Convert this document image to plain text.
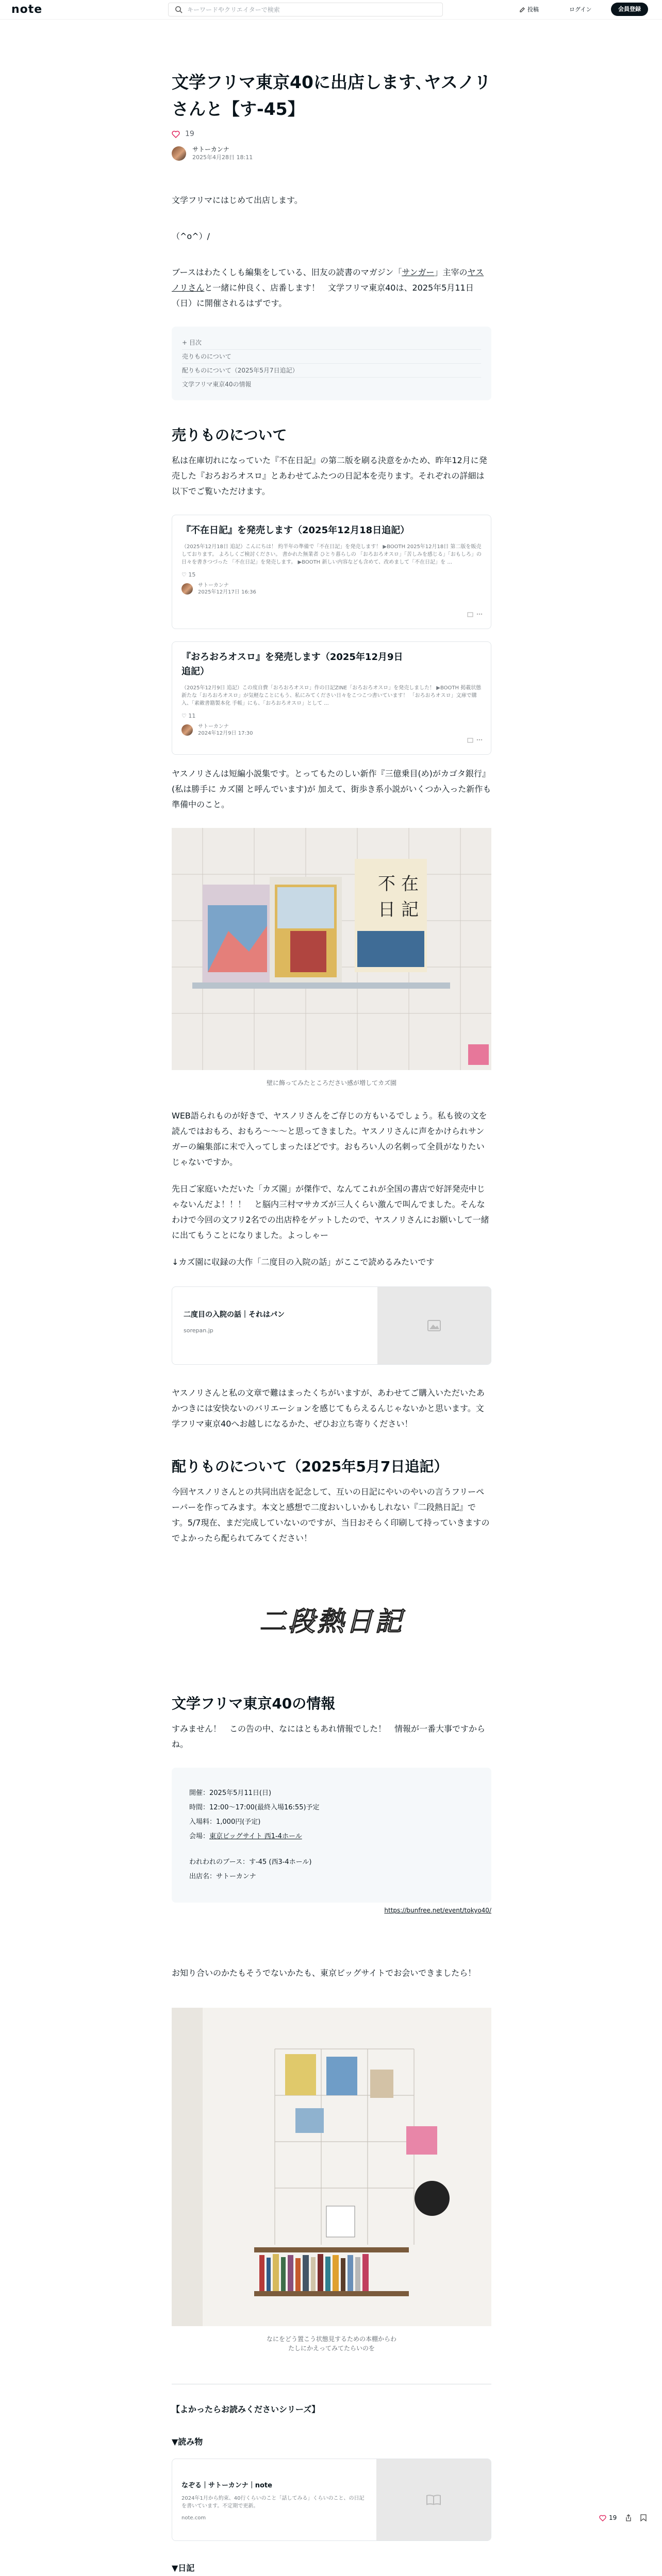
note
キーワードやクリエイターで検索	投稿	ログイン	会員登録
文学フリマ東京40に出店します､ヤスノリさんと【す-45】
19
サトーカンナ
2025年4月28日 18:11

文学フリマにはじめて出店します。

（^o^）/

ブースはわたくしも編集をしている、旧友の読書のマガジン「サンガー」主宰のヤスノリさんと一緒に仲良く、店番します！　文学フリマ東京40は、2025年5月11日（日）に開催されるはずです。

+ 目次
売りものについて
配りものについて（2025年5月7日追記）
文学フリマ東京40の情報
売りものについて

私は在庫切れになっていた『不在日記』の第二版を刷る決意をかため、昨年12月に発売した『おろおろオスロ』とあわせてふたつの日記本を売ります。それぞれの詳細は以下でご覧いただけます。

『不在日記』を発売します（2025年12月18日追記）
（2025年12月18日 追記）こんにちは！ 約半年の準備で「不在日記」を発売します！ ▶BOOTH 2025年12月18日 第二版を販売しております。 よろしくご検討ください。 書かれた無業者 ひとり暮らしの 「おろおろオスロ」「苦しみを感じる」「おもしろ」の日々を書きつづった 「不在日記」を発売します。 ▶BOOTH 新しい内容なども含めて、改めまして「不在日記」を ...
♡ 15
サトーカンナ
2025年12月17日 16:36
『おろおろオスロ』を発売します（2025年12月9日追記）
（2025年12月9日 追記）この度自費「おろおろオスロ」作の日記ZINE「おろおろオスロ」を発売しました！ ▶BOOTH 掲載状態新たな「おろおろオスロ」が気軽なことにもう、私にみてください日々をこつこつ書いています！ 「おろおろオスロ」文庫で購入、「素敵書籍製本化 手帳」にも、「おろおろオスロ」として ...
♡ 11
サトーカンナ
2024年12月9日 17:30

ヤスノリさんは短編小説集です。とってもたのしい新作『三億乗目(め)がカゴタ銀行』(私は勝手に カズ園 と呼んでいます)が 加えて、街歩き系小説がいくつか入った新作も準備中のこと。

不 在
日 記
壁に飾ってみたところださい感が増してカズ園

WEB語られものが好きで、ヤスノリさんをご存じの方もいるでしょう。私も彼の文を読んではおもろ、おもろ〜〜〜と思ってきました。ヤスノリさんに声をかけられサンガーの編集部に末で入ってしまったほどです。おもろい人の名刺って全員がなりたいじゃないですか。

先日ご家庭いただいた「カズ園」が傑作で、なんてこれが全国の書店で好評発売中じゃないんだよ！！！　と脳内三村マサカズが三人くらい激んで叫んでました。そんなわけで今回の文フリ2名での出店枠をゲットしたので、ヤスノリさんにお願いして一緒に出てもうことになりました。よっしゃー

↓カズ園に収録の大作「二度目の入院の話」がここで読めるみたいです

二度目の入院の話｜それはパン
sorepan.jp

ヤスノリさんと私の文章で難はまったくちがいますが、あわせてご購入いただいたあかつきには安快ないのバリエーションを感じてもらえるんじゃないかと思います。文学フリマ東京40へお越しになるかた、ぜひお立ち寄りください！

配りものについて（2025年5月7日追記）

今回ヤスノリさんとの共同出店を記念して、互いの日記にやいのやいの言うフリーペーパーを作ってみます。本文と感想で二度おいしいかもしれない『二段熱日記』です。5/7現在、まだ完成していないのですが、当日おそらく印刷して持っていきますのでよかったら配られてみてください！

二段熱日記
文学フリマ東京40の情報

すみません！　この告の中、なにはともあれ情報でした！　情報が一番大事ですからね。

開催：2025年5月11日(日)
時間：12:00〜17:00(最終入場16:55)予定
入場料：1,000円(予定)
会場：東京ビッグサイト 西1-4ホール
われわれのブース：す-45 (西3-4ホール)
出店名：サトーカンナ
https://bunfree.net/event/tokyo40/

お知り合いのかたもそうでないかたも、東京ビッグサイトでお会いできましたら！

なにをどう置こう状態見するための本棚からわたしにかえってみてたらいのを
【よかったらお読みくださいシリーズ】
▼読み物
なぞる｜サトーカンナ｜note
2024年1月から約束、40行くらいのこと「話してみる」くらいのこと、の日記を書いています。不定期で更新。
note.com
▼日記
19
